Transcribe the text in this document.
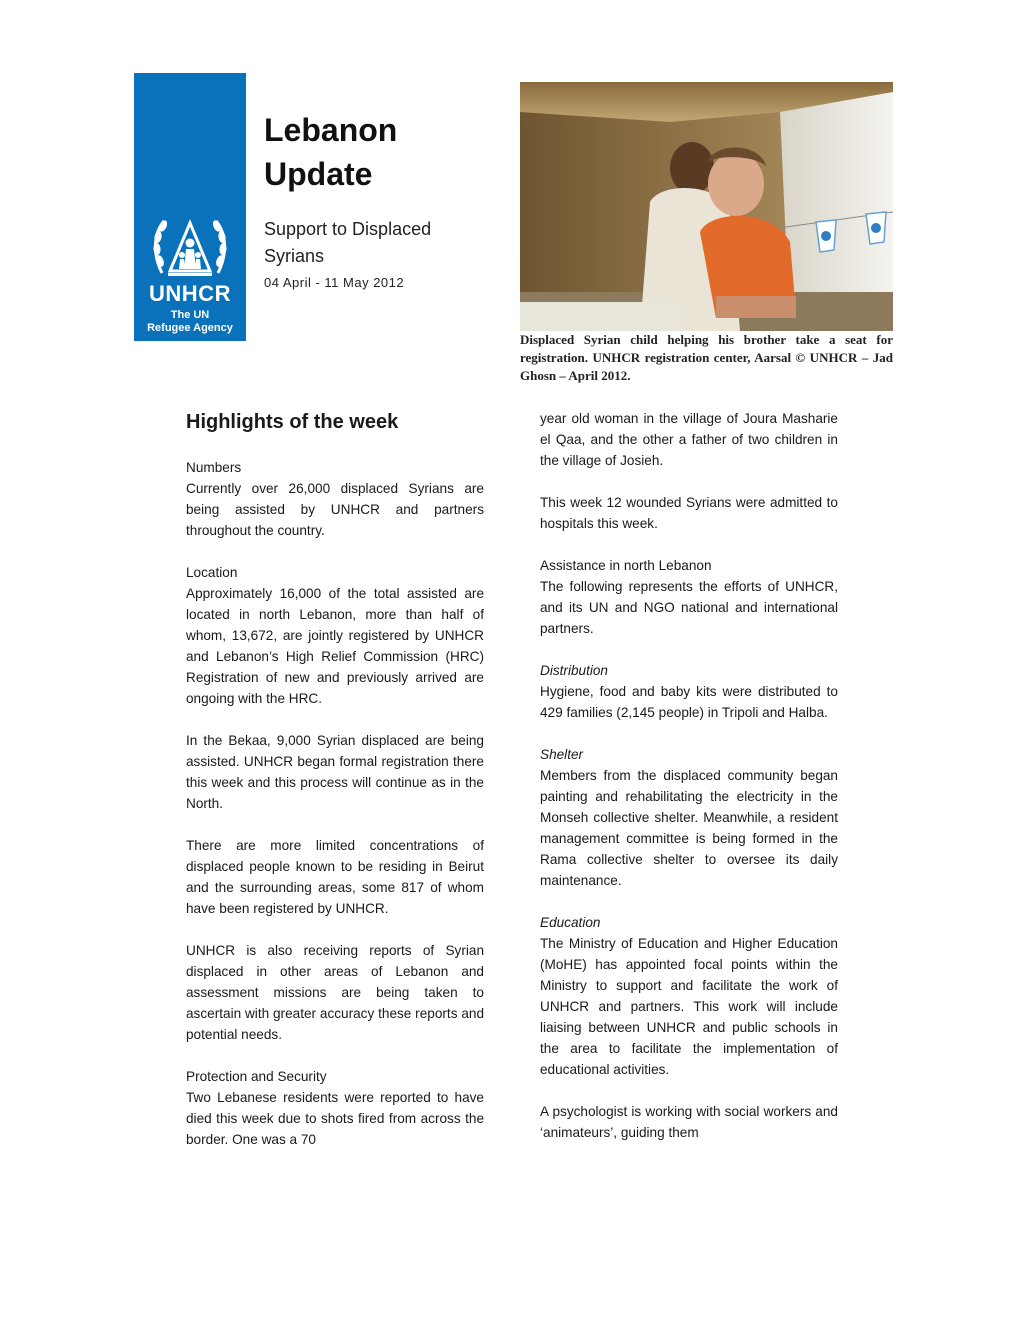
UNHCR
The UN
Refugee Agency
Lebanon
Update
Support to Displaced
Syrians
04 April - 11 May 2012
Displaced Syrian child helping his brother take a seat for registration. UNHCR registration center, Aarsal © UNHCR – Jad Ghosn – April 2012.
Highlights of the week
Numbers

Currently over 26,000 displaced Syrians are being assisted by UNHCR and partners throughout the country.

Location

Approximately 16,000 of the total assisted are located in north Lebanon, more than half of whom, 13,672, are jointly registered by UNHCR and Lebanon’s High Relief Commission (HRC) Registration of new and previously arrived are ongoing with the HRC.

In the Bekaa, 9,000 Syrian displaced are being assisted. UNHCR began formal registration there this week and this process will continue as in the North.

There are more limited concentrations of displaced people known to be residing in Beirut and the surrounding areas, some 817 of whom have been registered by UNHCR.

UNHCR is also receiving reports of Syrian displaced in other areas of Lebanon and assessment missions are being taken to ascertain with greater accuracy these reports and potential needs.

Protection and Security

Two Lebanese residents were reported to have died this week due to shots fired from across the border. One was a 70

year old woman in the village of Joura Masharie el Qaa, and the other a father of two children in the village of Josieh.

This week 12 wounded Syrians were admitted to hospitals this week.

Assistance in north Lebanon

The following represents the efforts of UNHCR, and its UN and NGO national and international partners.

Distribution

Hygiene, food and baby kits were distributed to 429 families (2,145 people) in Tripoli and Halba.

Shelter

Members from the displaced community began painting and rehabilitating the electricity in the Monseh collective shelter. Meanwhile, a resident management committee is being formed in the Rama collective shelter to oversee its daily maintenance.

Education

The Ministry of Education and Higher Education (MoHE) has appointed focal points within the Ministry to support and facilitate the work of UNHCR and partners. This work will include liaising between UNHCR and public schools in the area to facilitate the implementation of educational activities.

A psychologist is working with social workers and ‘animateurs’, guiding them
